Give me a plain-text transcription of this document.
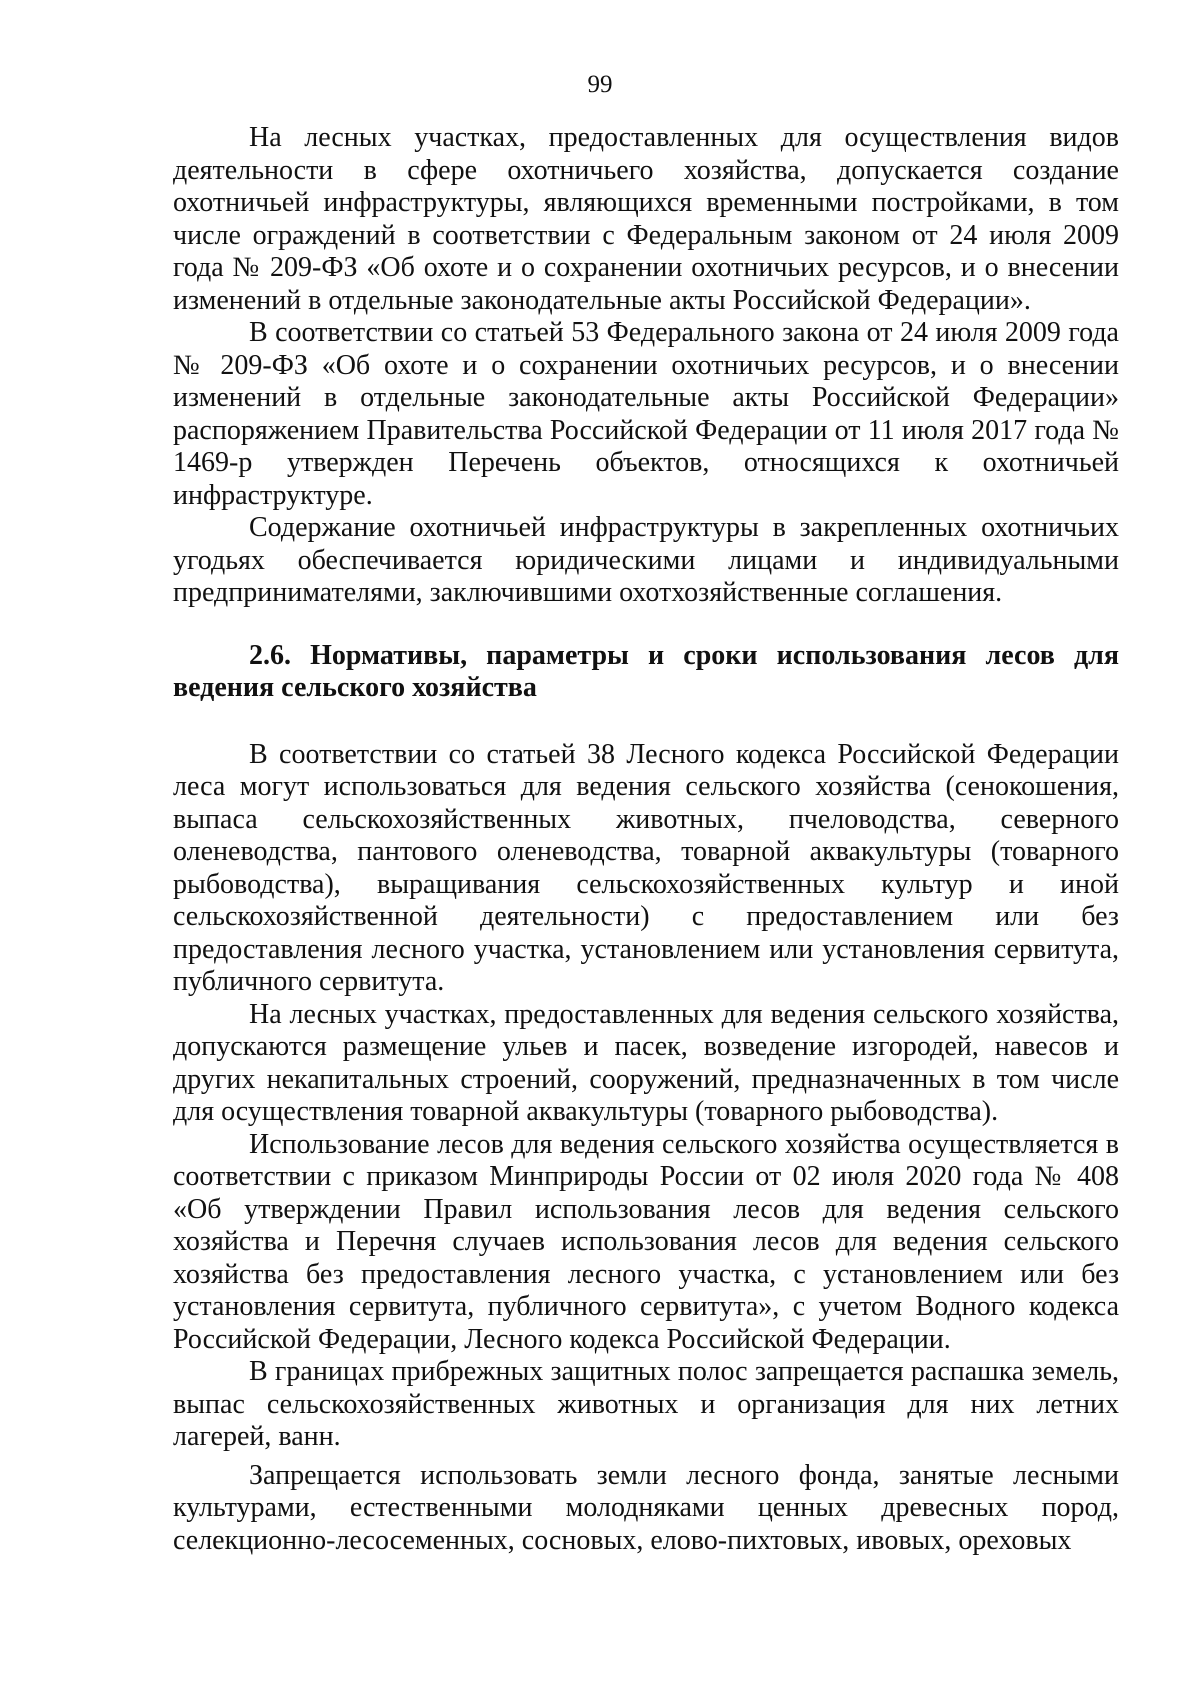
99

На лесных участках, предоставленных для осуществления видов деятельности в сфере охотничьего хозяйства, допускается создание охотничьей инфраструктуры, являющихся временными постройками, в том числе ограждений в соответствии с Федеральным законом от 24 июля 2009 года № 209-ФЗ «Об охоте и о сохранении охотничьих ресурсов, и о внесении изменений в отдельные законодательные акты Российской Федерации».

В соответствии со статьей 53 Федерального закона от 24 июля 2009 года № 209-ФЗ «Об охоте и о сохранении охотничьих ресурсов, и о внесении изменений в отдельные законодательные акты Российской Федерации» распоряжением Правительства Российской Федерации от 11 июля 2017 года № 1469-р утвержден Перечень объектов, относящихся к охотничьей инфраструктуре.

Содержание охотничьей инфраструктуры в закрепленных охотничьих угодьях обеспечивается юридическими лицами и индивидуальными предпринимателями, заключившими охотхозяйственные соглашения.

2.6. Нормативы, параметры и сроки использования лесов для ведения сельского хозяйства

В соответствии со статьей 38 Лесного кодекса Российской Федерации леса могут использоваться для ведения сельского хозяйства (сенокошения, выпаса сельскохозяйственных животных, пчеловодства, северного оленеводства, пантового оленеводства, товарной аквакультуры (товарного рыбоводства), выращивания сельскохозяйственных культур и иной сельскохозяйственной деятельности) с предоставлением или без предоставления лесного участка, установлением или установления сервитута, публичного сервитута.

На лесных участках, предоставленных для ведения сельского хозяйства, допускаются размещение ульев и пасек, возведение изгородей, навесов и других некапитальных строений, сооружений, предназначенных в том числе для осуществления товарной аквакультуры (товарного рыбоводства).

Использование лесов для ведения сельского хозяйства осуществляется в соответствии с приказом Минприроды России от 02 июля 2020 года № 408 «Об утверждении Правил использования лесов для ведения сельского хозяйства и Перечня случаев использования лесов для ведения сельского хозяйства без предоставления лесного участка, с установлением или без установления сервитута, публичного сервитута», с учетом Водного кодекса Российской Федерации, Лесного кодекса Российской Федерации.

В границах прибрежных защитных полос запрещается распашка земель, выпас сельскохозяйственных животных и организация для них летних лагерей, ванн.

Запрещается использовать земли лесного фонда, занятые лесными культурами, естественными молодняками ценных древесных пород, селекционно-лесосеменных, сосновых, елово-пихтовых, ивовых, ореховых
